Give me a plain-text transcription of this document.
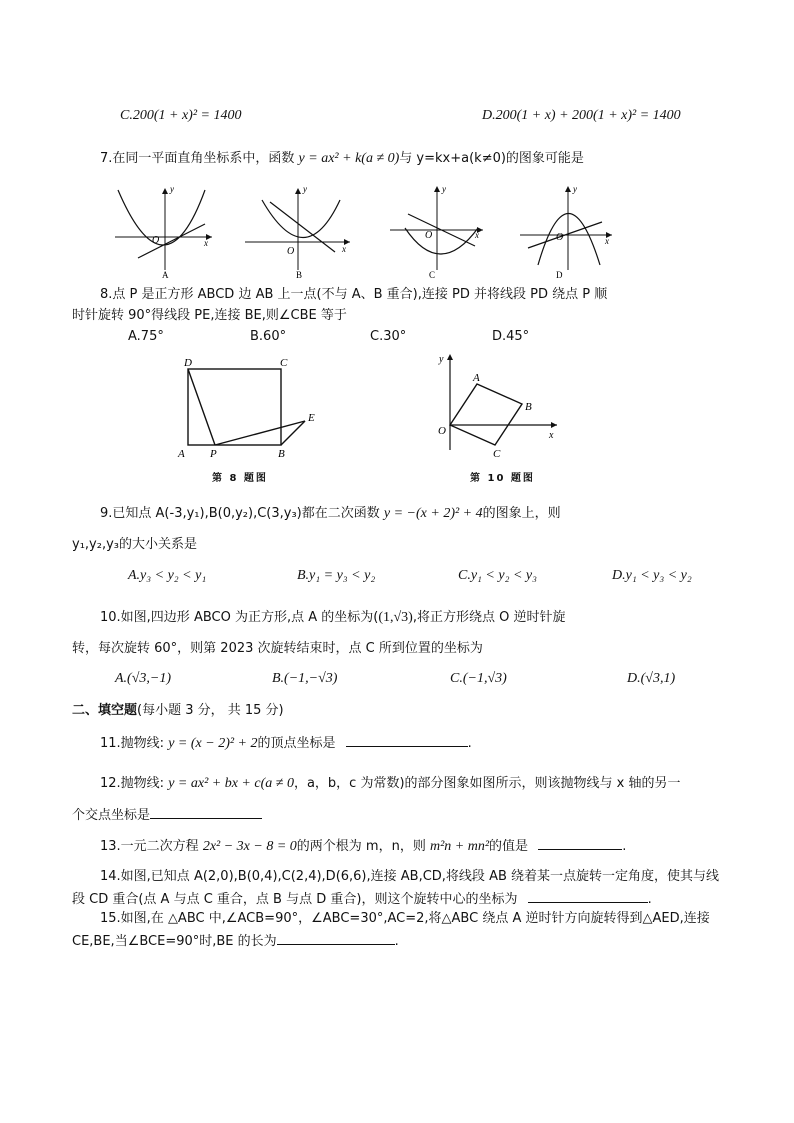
C.200(1 + x)² = 1400	D.200(1 + x) + 200(1 + x)² = 1400
7.在同一平面直角坐标系中，函数 y = ax² + k(a ≠ 0)与 y=kx+a(k≠0)的图象可能是
y
x
O
A
y
x
O
B
y
x
O
C
y
x
O
D
8.点 P 是正方形 ABCD 边 AB 上一点(不与 A、B 重合),连接 PD 并将线段 PD 绕点 P 顺
时针旋转 90°得线段 PE,连接 BE,则∠CBE 等于
A.75°	B.60°	C.30°	D.45°
D	C
A P	B
E
第 8 题图
y
x
O
A
B
C
第 10 题图
9.已知点 A(-3,y₁),B(0,y₂),C(3,y₃)都在二次函数 y = −(x + 2)² + 4的图象上，则
y₁,y₂,y₃的大小关系是
A.y₃ < y₂ < y₁	B.y₁ = y₃ < y₂	C.y₁ < y₂ < y₃	D.y₁ < y₃ < y₂
10.如图,四边形 ABCO 为正方形,点 A 的坐标为((1,√3),将正方形绕点 O 逆时针旋
转，每次旋转 60°，则第 2023 次旋转结束时，点 C 所到位置的坐标为
A.(√3,−1)	B.(−1,−√3)	C.(−1,√3)	D.(√3,1)
二、填空题(每小题 3 分， 共 15 分)
11.抛物线: y = (x − 2)² + 2的顶点坐标是	.
12.抛物线: y = ax² + bx + c(a ≠ 0，a，b，c 为常数)的部分图象如图所示，则该抛物线与 x 轴的另一
个交点坐标是
13.一元二次方程 2x² − 3x − 8 = 0的两个根为 m，n，则 m²n + mn²的值是	.
14.如图,已知点 A(2,0),B(0,4),C(2,4),D(6,6),连接 AB,CD,将线段 AB 绕着某一点旋转一定角度，使其与线
段 CD 重合(点 A 与点 C 重合，点 B 与点 D 重合)，则这个旋转中心的坐标为	.
15.如图,在 △ABC 中,∠ACB=90°，∠ABC=30°,AC=2,将△ABC 绕点 A 逆时针方向旋转得到△AED,连接
CE,BE,当∠BCE=90°时,BE 的长为	.
